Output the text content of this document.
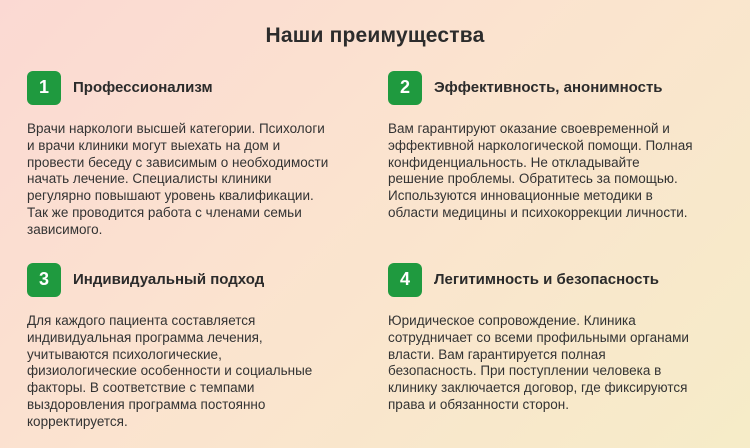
Наши преимущества
1	Профессионализм
Врачи наркологи высшей категории. Психологи
и врачи клиники могут выехать на дом и
провести беседу с зависимым о необходимости
начать лечение. Специалисты клиники
регулярно повышают уровень квалификации.
Так же проводится работа с членами семьи
зависимого.
2	Эффективность, анонимность
Вам гарантируют оказание своевременной и
эффективной наркологической помощи. Полная
конфиденциальность. Не откладывайте
решение проблемы. Обратитесь за помощью.
Используются инновационные методики в
области медицины и психокоррекции личности.
3	Индивидуальный подход
Для каждого пациента составляется
индивидуальная программа лечения,
учитываются психологические,
физиологические особенности и социальные
факторы. В соответствие с темпами
выздоровления программа постоянно
корректируется.
4	Легитимность и безопасность
Юридическое сопровождение. Клиника
сотрудничает со всеми профильными органами
власти. Вам гарантируется полная
безопасность. При поступлении человека в
клинику заключается договор, где фиксируются
права и обязанности сторон.
